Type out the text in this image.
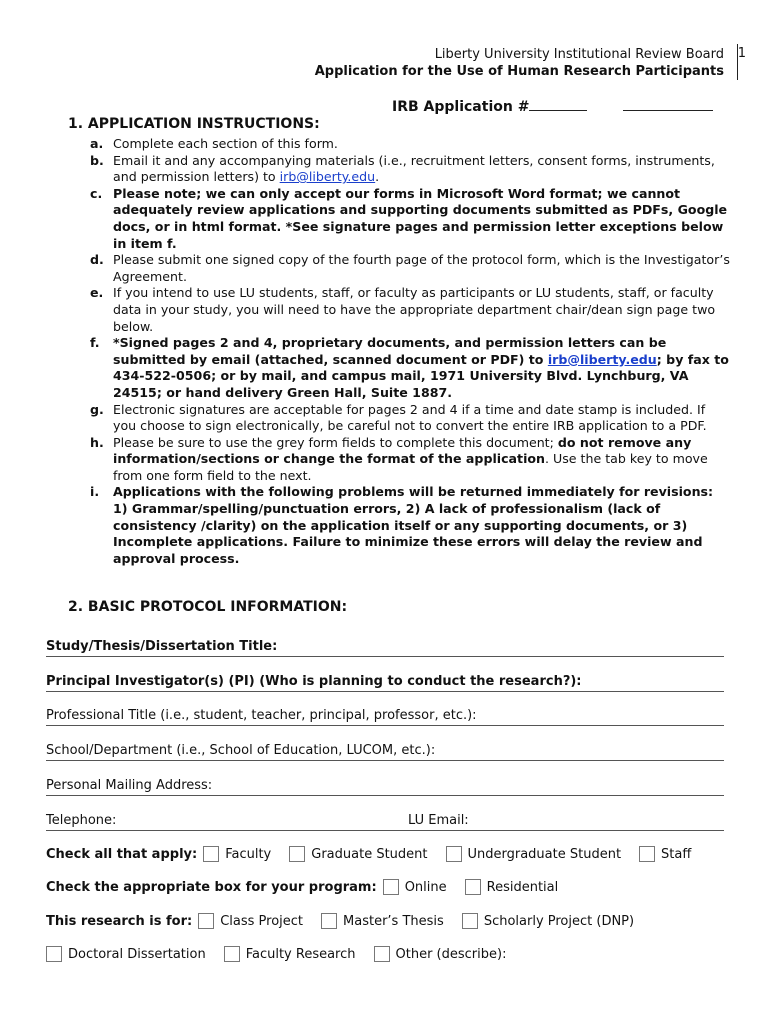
Liberty University Institutional Review Board
Application for the Use of Human Research Participants
1
IRB Application #
1. APPLICATION INSTRUCTIONS:
a. Complete each section of this form.
b. Email it and any accompanying materials (i.e., recruitment letters, consent forms, instruments, and permission letters) to irb@liberty.edu.
c. Please note; we can only accept our forms in Microsoft Word format; we cannot adequately review applications and supporting documents submitted as PDFs, Google docs, or in html format. *See signature pages and permission letter exceptions below in item f.
d. Please submit one signed copy of the fourth page of the protocol form, which is the Investigator’s Agreement.
e. If you intend to use LU students, staff, or faculty as participants or LU students, staff, or faculty data in your study, you will need to have the appropriate department chair/dean sign page two below.
f.	*Signed pages 2 and 4, proprietary documents, and permission letters can be submitted by email (attached, scanned document or PDF) to irb@liberty.edu; by fax to 434-522-0506; or by mail, and campus mail, 1971 University Blvd. Lynchburg, VA 24515; or hand delivery Green Hall, Suite 1887.
g. Electronic signatures are acceptable for pages 2 and 4 if a time and date stamp is included. If you choose to sign electronically, be careful not to convert the entire IRB application to a PDF.
h. Please be sure to use the grey form fields to complete this document; do not remove any information/sections or change the format of the application. Use the tab key to move from one form field to the next.
i.	Applications with the following problems will be returned immediately for revisions: 1) Grammar/spelling/punctuation errors, 2) A lack of professionalism (lack of consistency /clarity) on the application itself or any supporting documents, or 3) Incomplete applications. Failure to minimize these errors will delay the review and approval process.
2. BASIC PROTOCOL INFORMATION:
Study/Thesis/Dissertation Title:
Principal Investigator(s) (PI) (Who is planning to conduct the research?):
Professional Title (i.e., student, teacher, principal, professor, etc.):
School/Department (i.e., School of Education, LUCOM, etc.):
Personal Mailing Address:
Telephone:	LU Email:
Check all that apply: Faculty	Graduate Student	Undergraduate Student	Staff
Check the appropriate box for your program: Online	Residential
This research is for: Class Project	Master’s Thesis	Scholarly Project (DNP)
Doctoral Dissertation	Faculty Research	Other (describe):
